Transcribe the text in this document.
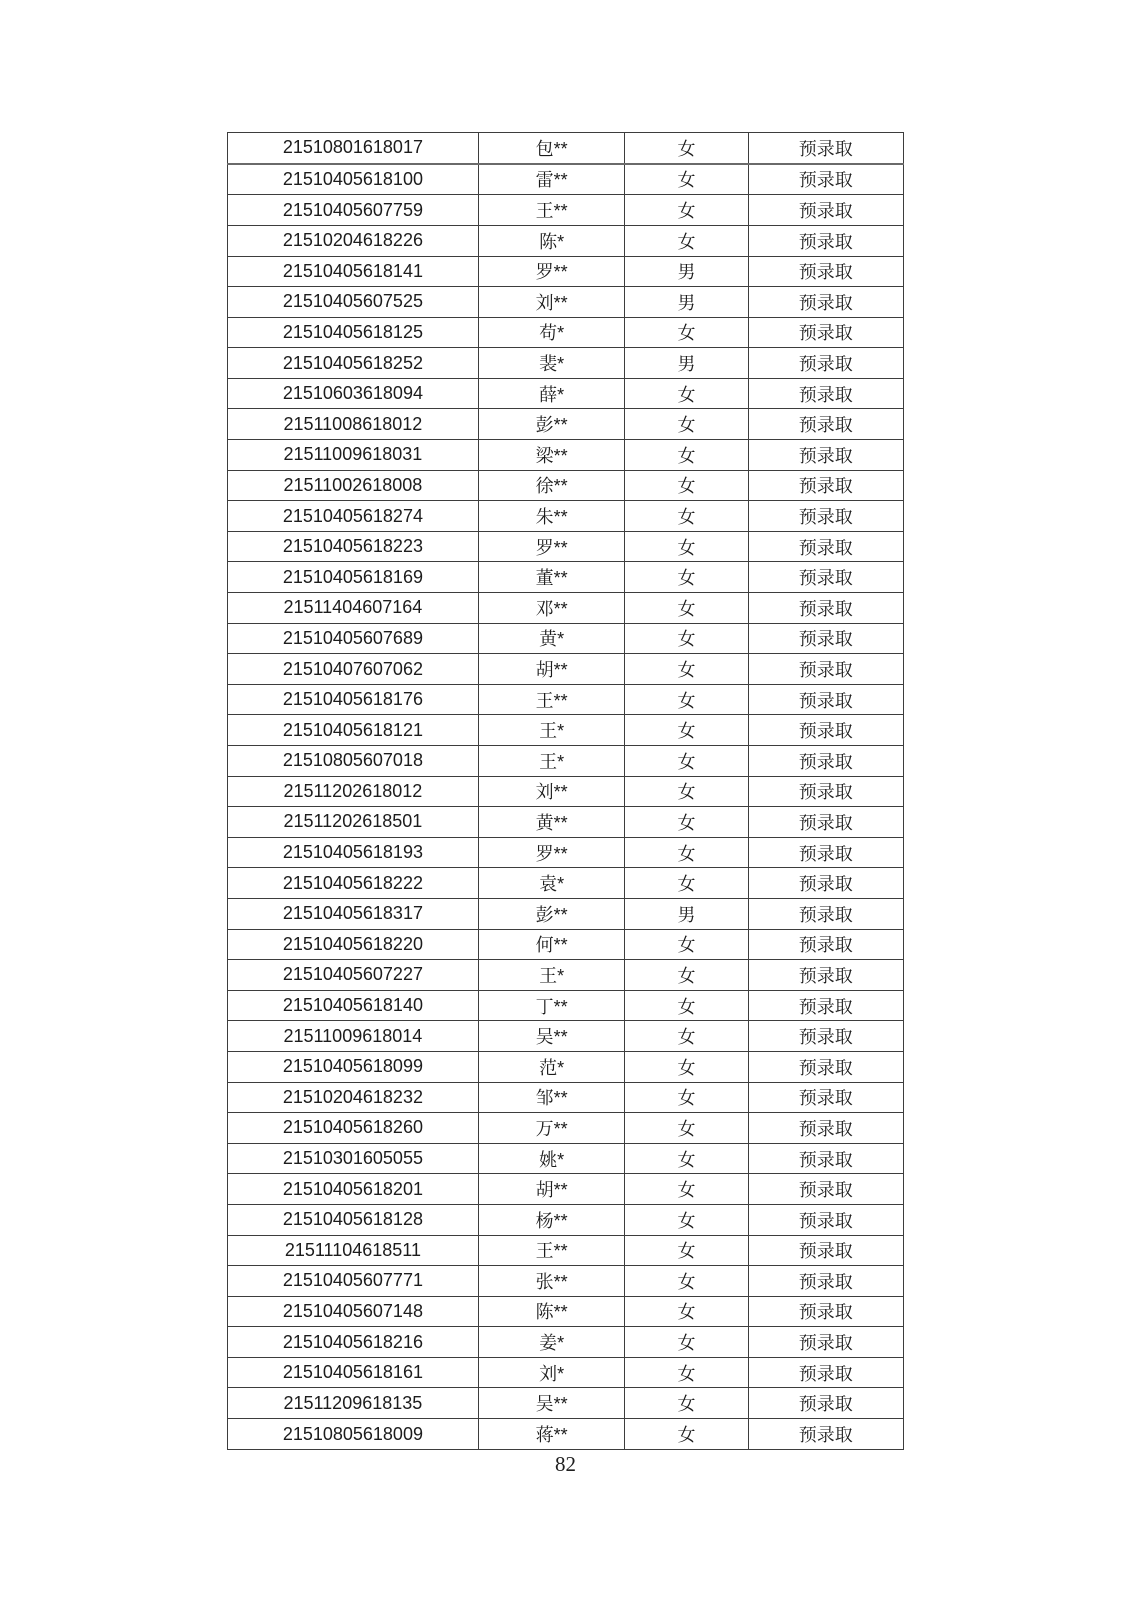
21510801618017	包**	女	预录取
21510405618100	雷**	女	预录取
21510405607759	王**	女	预录取
21510204618226	陈*	女	预录取
21510405618141	罗**	男	预录取
21510405607525	刘**	男	预录取
21510405618125	苟*	女	预录取
21510405618252	裴*	男	预录取
21510603618094	薛*	女	预录取
21511008618012	彭**	女	预录取
21511009618031	梁**	女	预录取
21511002618008	徐**	女	预录取
21510405618274	朱**	女	预录取
21510405618223	罗**	女	预录取
21510405618169	董**	女	预录取
21511404607164	邓**	女	预录取
21510405607689	黄*	女	预录取
21510407607062	胡**	女	预录取
21510405618176	王**	女	预录取
21510405618121	王*	女	预录取
21510805607018	王*	女	预录取
21511202618012	刘**	女	预录取
21511202618501	黄**	女	预录取
21510405618193	罗**	女	预录取
21510405618222	袁*	女	预录取
21510405618317	彭**	男	预录取
21510405618220	何**	女	预录取
21510405607227	王*	女	预录取
21510405618140	丁**	女	预录取
21511009618014	吴**	女	预录取
21510405618099	范*	女	预录取
21510204618232	邹**	女	预录取
21510405618260	万**	女	预录取
21510301605055	姚*	女	预录取
21510405618201	胡**	女	预录取
21510405618128	杨**	女	预录取
21511104618511	王**	女	预录取
21510405607771	张**	女	预录取
21510405607148	陈**	女	预录取
21510405618216	姜*	女	预录取
21510405618161	刘*	女	预录取
21511209618135	吴**	女	预录取
21510805618009	蒋**	女	预录取
82
